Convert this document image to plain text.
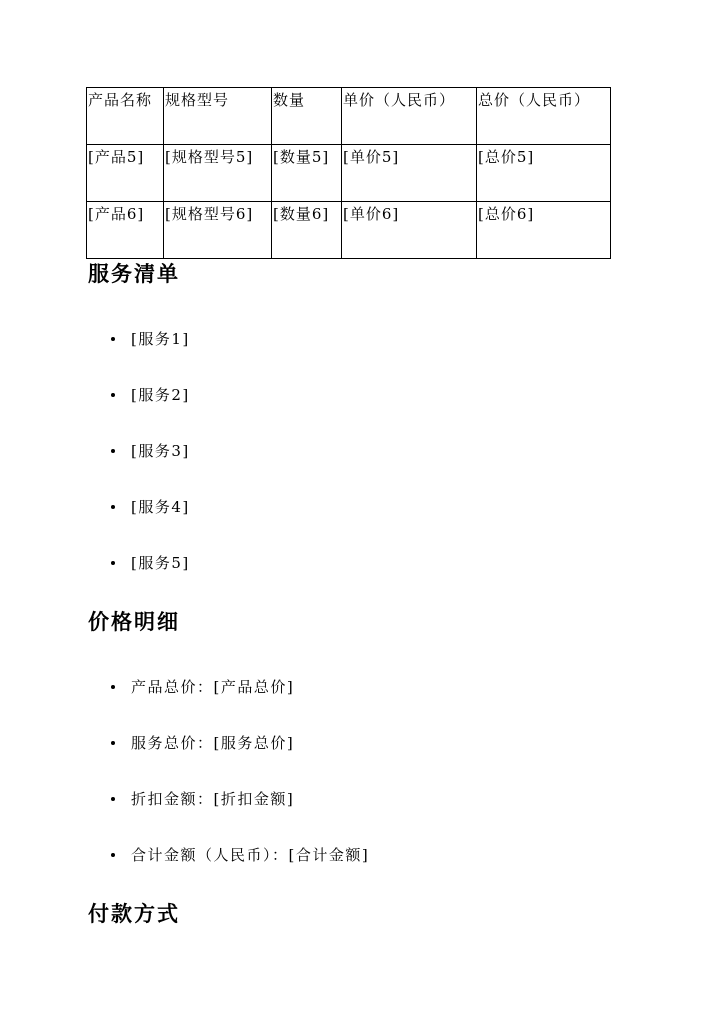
产品名称	规格型号	数量	单价（人民币）	总价（人民币）
[产品5]	[规格型号5]	[数量5]	[单价5]	[总价5]
[产品6]	[规格型号6]	[数量6]	[单价6]	[总价6]
服务清单
[服务1]
[服务2]
[服务3]
[服务4]
[服务5]
价格明细
产品总价：[产品总价]
服务总价：[服务总价]
折扣金额：[折扣金额]
合计金额（人民币）：[合计金额]
付款方式
